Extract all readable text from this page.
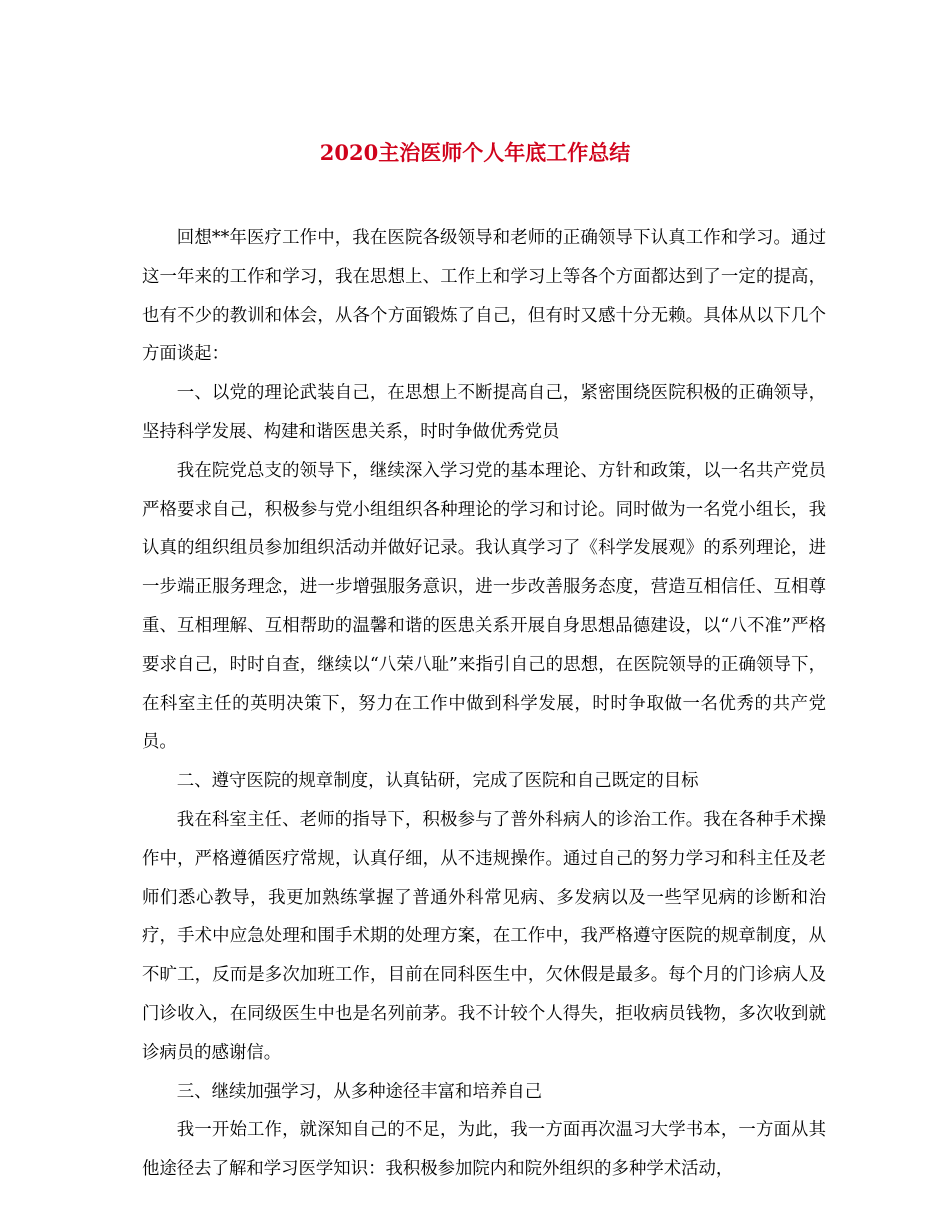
2020主治医师个人年底工作总结

回想**年医疗工作中，我在医院各级领导和老师的正确领导下认真工作和学习。通过这一年来的工作和学习，我在思想上、工作上和学习上等各个方面都达到了一定的提高，也有不少的教训和体会，从各个方面锻炼了自己，但有时又感十分无赖。具体从以下几个方面谈起：

一、以党的理论武装自己，在思想上不断提高自己，紧密围绕医院积极的正确领导，坚持科学发展、构建和谐医患关系，时时争做优秀党员

我在院党总支的领导下，继续深入学习党的基本理论、方针和政策，以一名共产党员严格要求自己，积极参与党小组组织各种理论的学习和讨论。同时做为一名党小组长，我认真的组织组员参加组织活动并做好记录。我认真学习了《科学发展观》的系列理论，进一步端正服务理念，进一步增强服务意识，进一步改善服务态度，营造互相信任、互相尊重、互相理解、互相帮助的温馨和谐的医患关系开展自身思想品德建设，以“八不准”严格要求自己，时时自查，继续以“八荣八耻”来指引自己的思想，在医院领导的正确领导下，在科室主任的英明决策下，努力在工作中做到科学发展，时时争取做一名优秀的共产党员。

二、遵守医院的规章制度，认真钻研，完成了医院和自己既定的目标

我在科室主任、老师的指导下，积极参与了普外科病人的诊治工作。我在各种手术操作中，严格遵循医疗常规，认真仔细，从不违规操作。通过自己的努力学习和科主任及老师们悉心教导，我更加熟练掌握了普通外科常见病、多发病以及一些罕见病的诊断和治疗，手术中应急处理和围手术期的处理方案，在工作中，我严格遵守医院的规章制度，从不旷工，反而是多次加班工作，目前在同科医生中，欠休假是最多。每个月的门诊病人及门诊收入，在同级医生中也是名列前茅。我不计较个人得失，拒收病员钱物，多次收到就诊病员的感谢信。

三、继续加强学习，从多种途径丰富和培养自己

我一开始工作，就深知自己的不足，为此，我一方面再次温习大学书本，一方面从其他途径去了解和学习医学知识：我积极参加院内和院外组织的多种学术活动，
